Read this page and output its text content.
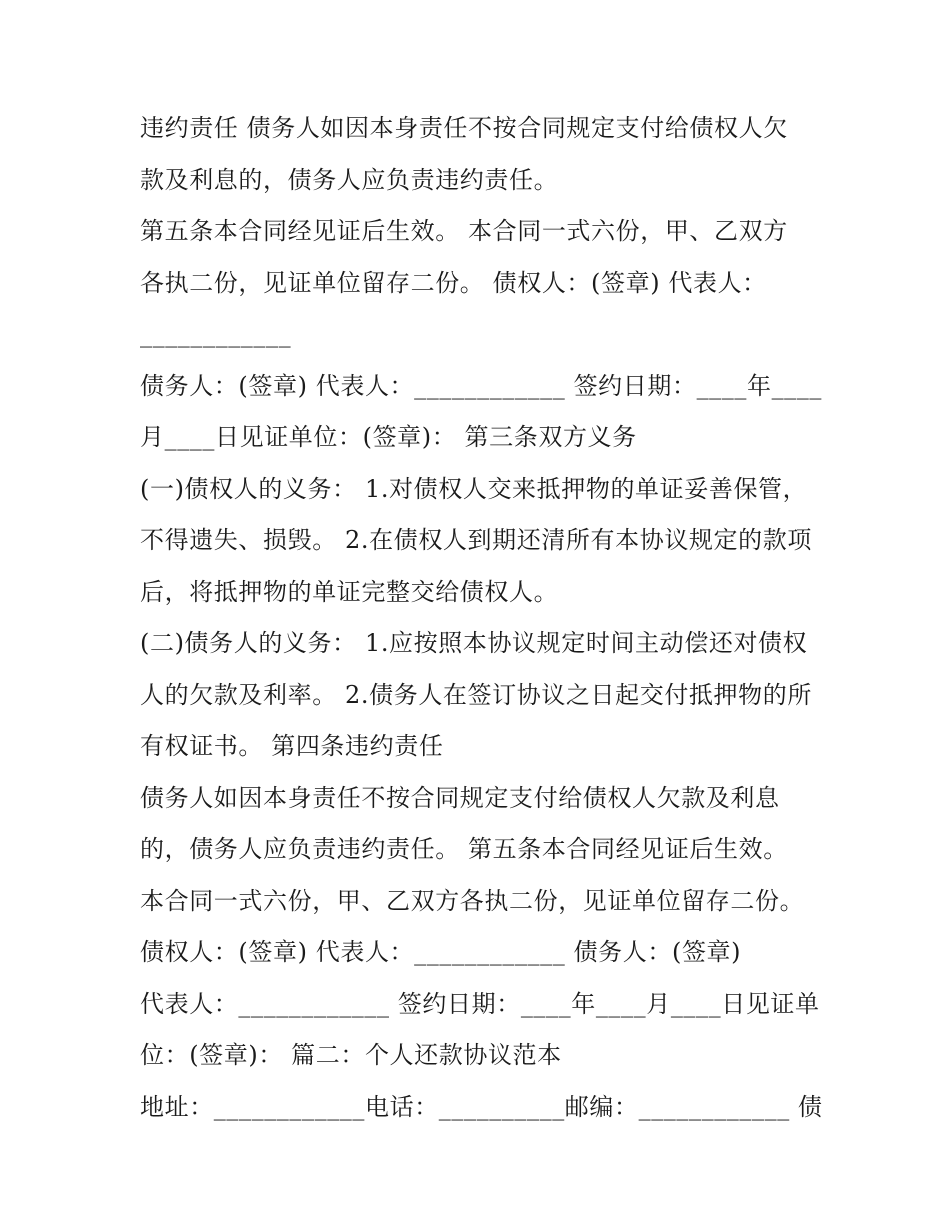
违约责任 债务人如因本身责任不按合同规定支付给债权人欠
款及利息的，债务人应负责违约责任。
第五条本合同经见证后生效。 本合同一式六份，甲、乙双方
各执二份，见证单位留存二份。 债权人：(签章) 代表人：
____________
债务人：(签章) 代表人：____________ 签约日期：____年____
月____日见证单位：(签章)： 第三条双方义务
(一)债权人的义务： 1.对债权人交来抵押物的单证妥善保管，
不得遗失、损毁。 2.在债权人到期还清所有本协议规定的款项
后，将抵押物的单证完整交给债权人。
(二)债务人的义务： 1.应按照本协议规定时间主动偿还对债权
人的欠款及利率。 2.债务人在签订协议之日起交付抵押物的所
有权证书。 第四条违约责任
债务人如因本身责任不按合同规定支付给债权人欠款及利息
的，债务人应负责违约责任。 第五条本合同经见证后生效。
本合同一式六份，甲、乙双方各执二份，见证单位留存二份。
债权人：(签章) 代表人：____________ 债务人：(签章)
代表人：____________ 签约日期：____年____月____日见证单
位：(签章)： 篇二：个人还款协议范本
地址：____________电话：__________邮编：____________ 债
